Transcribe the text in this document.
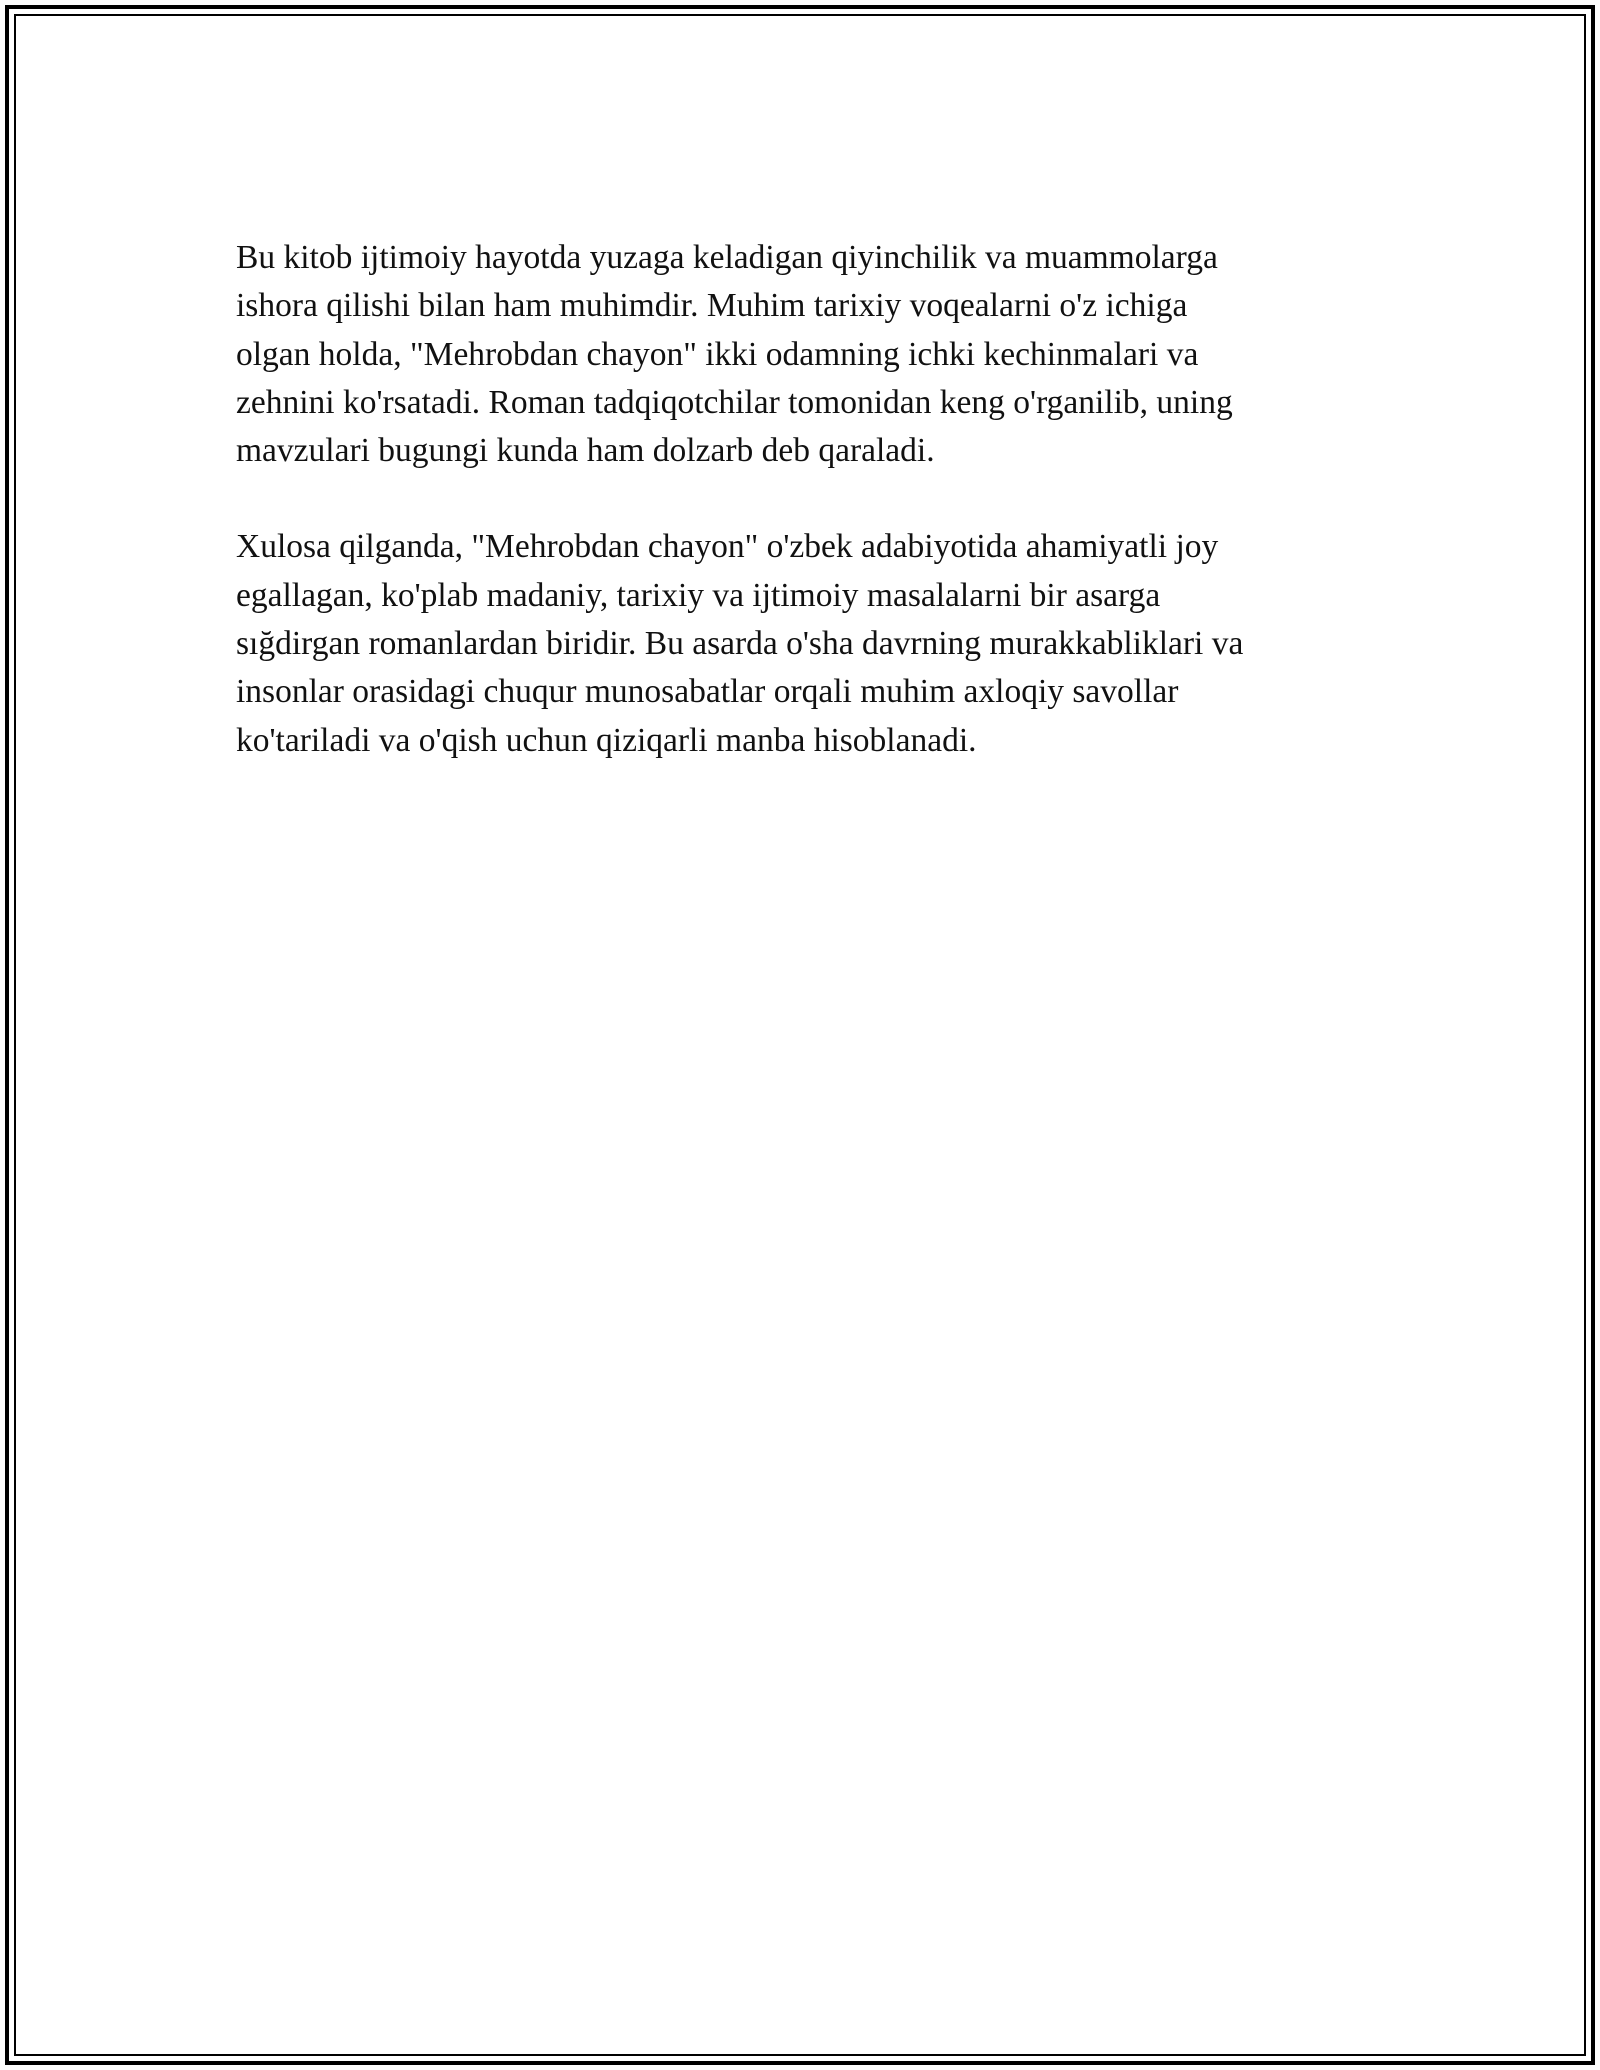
Bu kitob ijtimoiy hayotda yuzaga keladigan qiyinchilik va muammolarga
ishora qilishi bilan ham muhimdir. Muhim tarixiy voqealarni o'z ichiga
olgan holda, "Mehrobdan chayon" ikki odamning ichki kechinmalari va
zehnini ko'rsatadi. Roman tadqiqotchilar tomonidan keng o'rganilib, uning
mavzulari bugungi kunda ham dolzarb deb qaraladi.

Xulosa qilganda, "Mehrobdan chayon" o'zbek adabiyotida ahamiyatli joy
egallagan, ko'plab madaniy, tarixiy va ijtimoiy masalalarni bir asarga
sığdirgan romanlardan biridir. Bu asarda o'sha davrning murakkabliklari va
insonlar orasidagi chuqur munosabatlar orqali muhim axloqiy savollar
ko'tariladi va o'qish uchun qiziqarli manba hisoblanadi.
